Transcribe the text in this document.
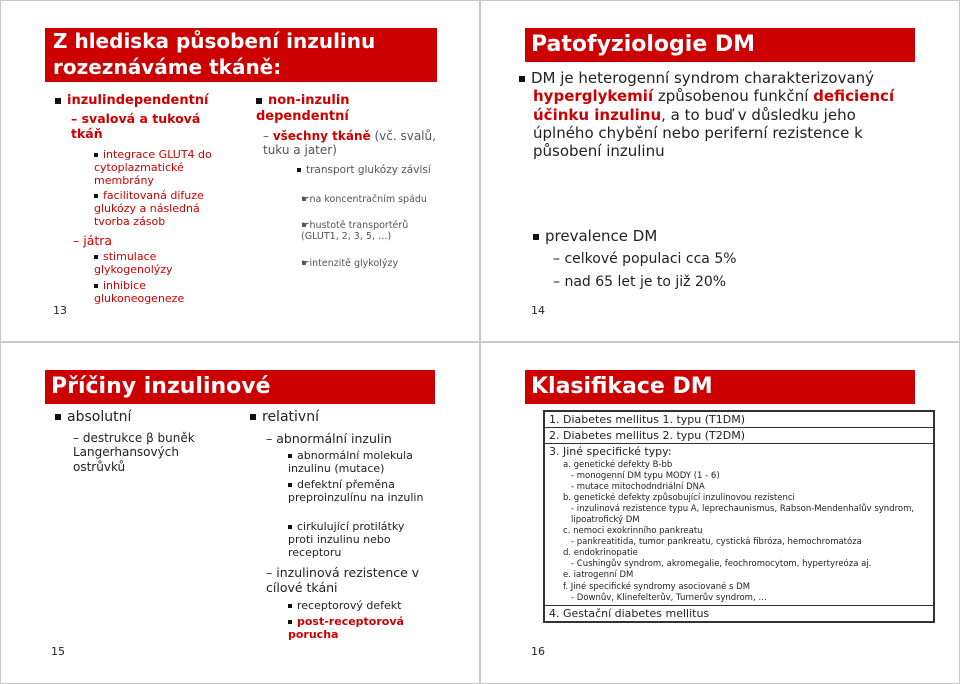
Z hlediska působení inzulinu
rozeznáváme tkáně:
13
inzulindependentní
– svalová a tuková tkáň
integrace GLUT4 do cytoplazmatické membrány
facilitovaná difuze glukózy a následná tvorba zásob
– játra
stimulace glykogenolýzy
inhibice glukoneogeneze
non-inzulin dependentní
– všechny tkáně (vč. svalů, tuku a jater)
transport glukózy závisí
☛na koncentračním spádu
☛hustotě transportérů (GLUT1, 2, 3, 5, …)
☛intenzitě glykolýzy
Patofyziologie DM
14
DM je heterogenní syndrom charakterizovaný hyperglykemií způsobenou funkční deficiencí účinku inzulinu, a to buď v důsledku jeho úplného chybění nebo periferní rezistence k působení inzulinu
prevalence DM
– celkové populaci cca 5%
– nad 65 let je to již 20%
Příčiny inzulinové
15
absolutní
– destrukce β buněk Langerhansových ostrůvků
relativní
– abnormální inzulin
abnormální molekula inzulinu (mutace)
defektní přeměna preproinzulínu na inzulin
cirkulující protilátky proti inzulinu nebo receptoru
– inzulinová rezistence v cílové tkáni
receptorový defekt
post-receptorová porucha
Klasifikace DM
16
1. Diabetes mellitus 1. typu (T1DM)
2. Diabetes mellitus 2. typu (T2DM)

3. Jiné specifické typy:
a. genetické defekty B-bb
- monogenní DM typu MODY (1 - 6)
- mutace mitochodndriální DNA
b. genetické defekty způsobující inzulinovou rezistenci
- inzulinová rezistence typu A, leprechaunismus, Rabson-Mendenhalův syndrom, lipoatrofický DM
c. nemoci exokrinního pankreatu
- pankreatitida, tumor pankreatu, cystická fibróza, hemochromatóza
d. endokrinopatie
- Cushingův syndrom, akromegalie, feochromocytom, hypertyreóza aj.
e. iatrogenní DM
f. Jiné specifické syndromy asociované s DM
- Downův, Klinefelterův, Turnerův syndrom, …

4. Gestační diabetes mellitus
